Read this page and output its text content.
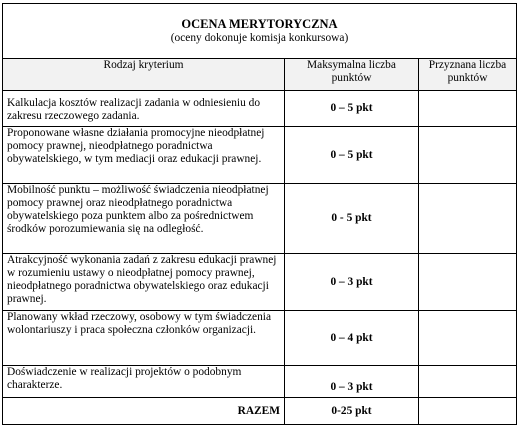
OCENA MERYTORYCZNA
(oceny dokonuje komisja konkursowa)		

Rodzaj kryterium	Maksymalna liczba punktów	Przyznana liczba punktów
Kalkulacja kosztów realizacji zadania w odniesieniu do zakresu rzeczowego zadania.	0 – 5 pkt	
Proponowane własne działania promocyjne nieodpłatnej pomocy prawnej, nieodpłatnego poradnictwa obywatelskiego, w tym mediacji oraz edukacji prawnej.	0 – 5 pkt	
Mobilność punktu – możliwość świadczenia nieodpłatnej pomocy prawnej oraz nieodpłatnego poradnictwa obywatelskiego poza punktem albo za pośrednictwem środków porozumiewania się na odległość.	0 - 5 pkt	
Atrakcyjność wykonania zadań z zakresu edukacji prawnej w rozumieniu ustawy o nieodpłatnej pomocy prawnej, nieodpłatnego poradnictwa obywatelskiego oraz edukacji prawnej.	0 – 3 pkt	
Planowany wkład rzeczowy, osobowy w tym świadczenia wolontariuszy i praca społeczna członków organizacji.	0 – 4 pkt	
Doświadczenie w realizacji projektów o podobnym charakterze.	0 – 3 pkt	
RAZEM	0-25 pkt	
